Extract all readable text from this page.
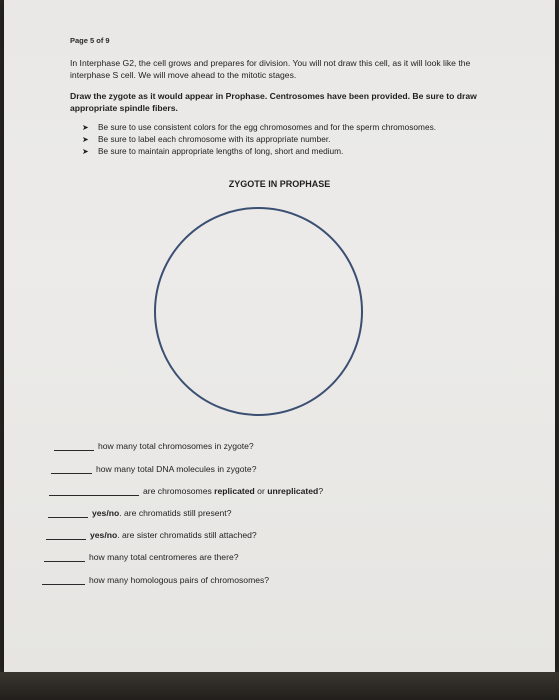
Page 5 of 9
In Interphase G2, the cell grows and prepares for division. You will not draw this cell, as it will look like the interphase S cell. We will move ahead to the mitotic stages.
Draw the zygote as it would appear in Prophase. Centrosomes have been provided. Be sure to draw appropriate spindle fibers.
➤ Be sure to use consistent colors for the egg chromosomes and for the sperm chromosomes.
➤ Be sure to label each chromosome with its appropriate number.
➤ Be sure to maintain appropriate lengths of long, short and medium.
ZYGOTE IN PROPHASE
how many total chromosomes in zygote?
how many total DNA molecules in zygote?
are chromosomes replicated or unreplicated?
yes/no. are chromatids still present?
yes/no. are sister chromatids still attached?
how many total centromeres are there?
how many homologous pairs of chromosomes?
